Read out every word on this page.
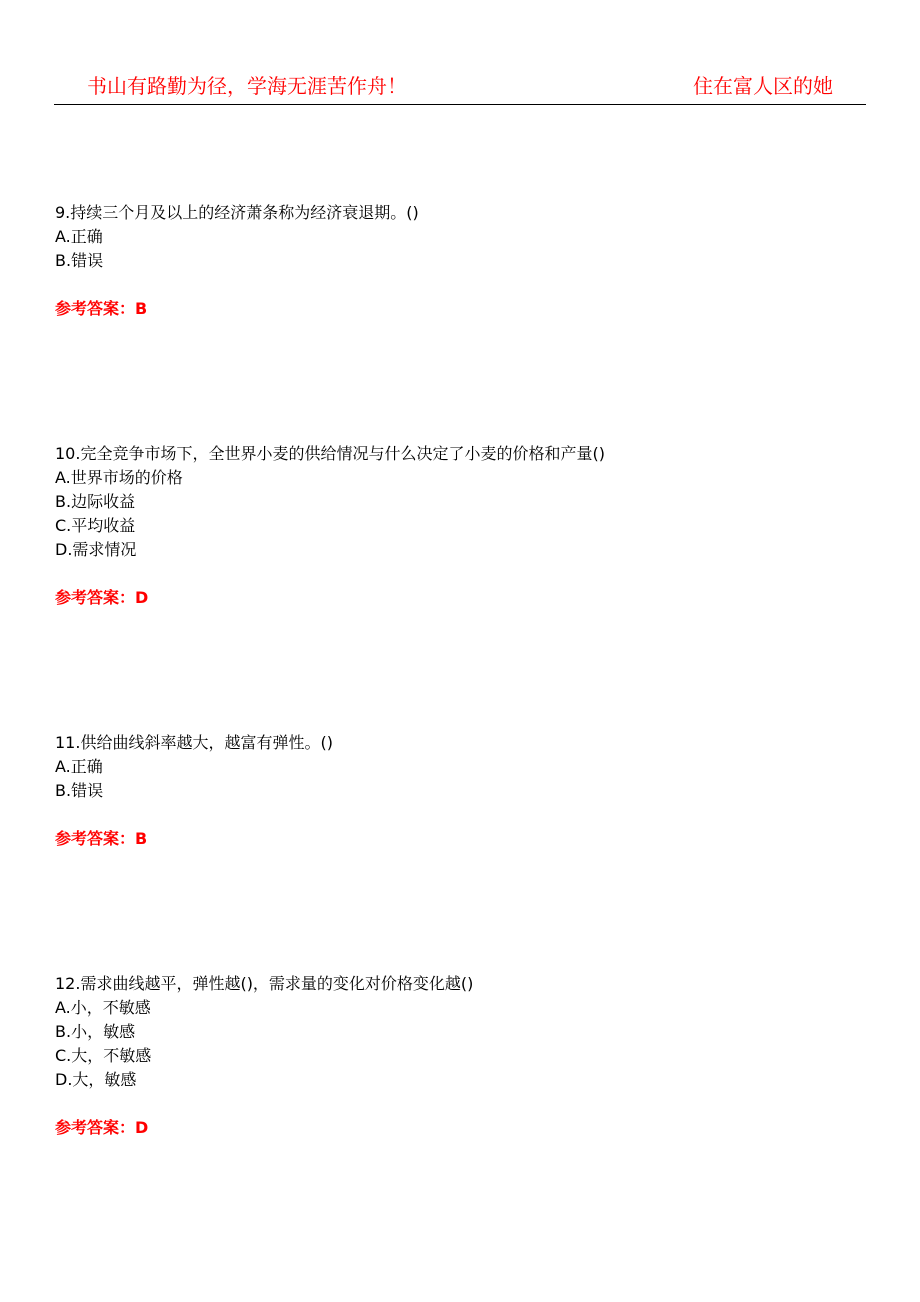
书山有路勤为径，学海无涯苦作舟！	住在富人区的她
9.持续三个月及以上的经济萧条称为经济衰退期。()
A.正确
B.错误
参考答案：B
10.完全竞争市场下，全世界小麦的供给情况与什么决定了小麦的价格和产量()
A.世界市场的价格
B.边际收益
C.平均收益
D.需求情况
参考答案：D
11.供给曲线斜率越大，越富有弹性。()
A.正确
B.错误
参考答案：B
12.需求曲线越平，弹性越()，需求量的变化对价格变化越()
A.小，不敏感
B.小，敏感
C.大，不敏感
D.大，敏感
参考答案：D
